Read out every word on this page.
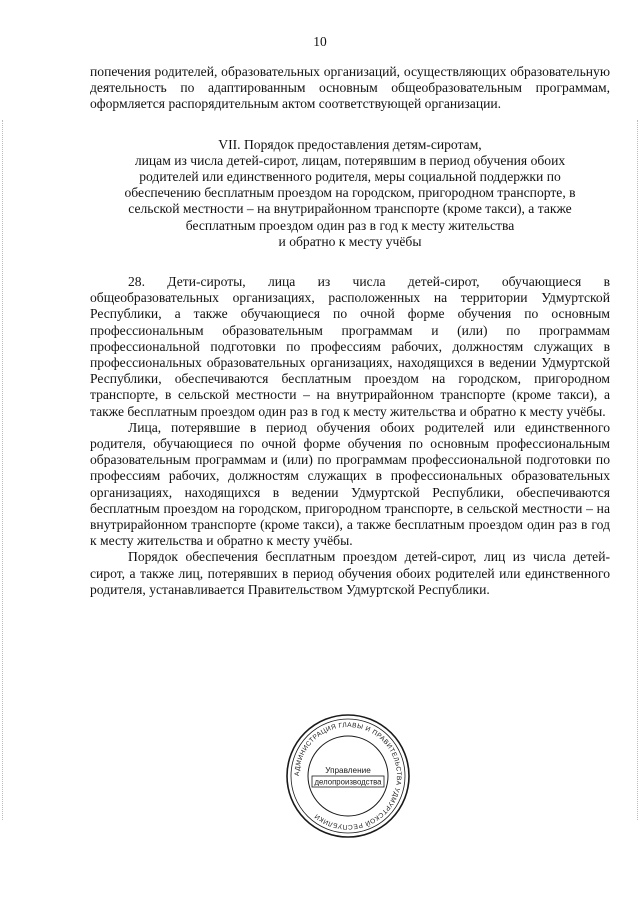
10

попечения родителей, образовательных организаций, осуществляющих образовательную деятельность по адаптированным основным общеобразовательным программам, оформляется распорядительным актом соответствующей организации.

VII. Порядок предоставления детям-сиротам,
лицам из числа детей-сирот, лицам, потерявшим в период обучения обоих
родителей или единственного родителя, меры социальной поддержки по
обеспечению бесплатным проездом на городском, пригородном транспорте, в
сельской местности – на внутрирайонном транспорте (кроме такси), а также
бесплатным проездом один раз в год к месту жительства
и обратно к месту учёбы

28. Дети-сироты, лица из числа детей-сирот, обучающиеся в общеобразовательных организациях, расположенных на территории Удмуртской Республики, а также обучающиеся по очной форме обучения по основным профессиональным образовательным программам и (или) по программам профессиональной подготовки по профессиям рабочих, должностям служащих в профессиональных образовательных организациях, находящихся в ведении Удмуртской Республики, обеспечиваются бесплатным проездом на городском, пригородном транспорте, в сельской местности – на внутрирайонном транспорте (кроме такси), а также бесплатным проездом один раз в год к месту жительства и обратно к месту учёбы.

Лица, потерявшие в период обучения обоих родителей или единственного родителя, обучающиеся по очной форме обучения по основным профессиональным образовательным программам и (или) по программам профессиональной подготовки по профессиям рабочих, должностям служащих в профессиональных образовательных организациях, находящихся в ведении Удмуртской Республики, обеспечиваются бесплатным проездом на городском, пригородном транспорте, в сельской местности – на внутрирайонном транспорте (кроме такси), а также бесплатным проездом один раз в год к месту жительства и обратно к месту учёбы.

Порядок обеспечения бесплатным проездом детей-сирот, лиц из числа детей-сирот, а также лиц, потерявших в период обучения обоих родителей или единственного родителя, устанавливается Правительством Удмуртской Республики.

АДМИНИСТРАЦИЯ ГЛАВЫ И ПРАВИТЕЛЬСТВА УДМУРТСКОЙ РЕСПУБЛИКИ
Управление
делопроизводства
